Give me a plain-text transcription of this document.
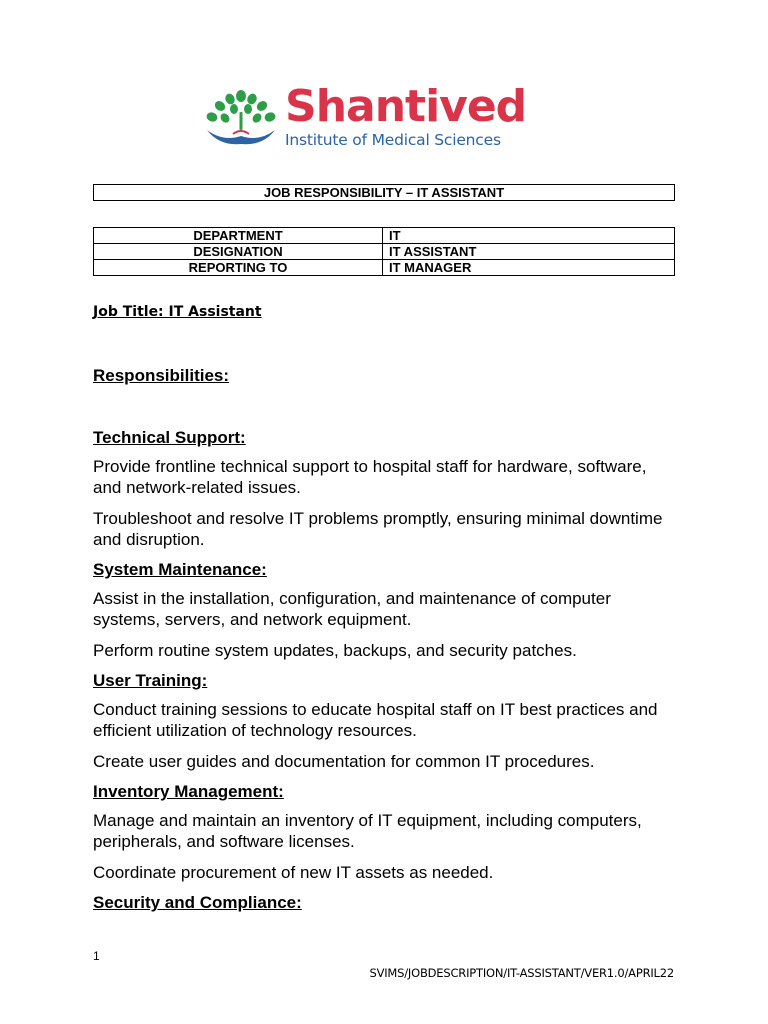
Shantived
Institute of Medical Sciences
JOB RESPONSIBILITY – IT ASSISTANT
DEPARTMENT	IT
DESIGNATION	IT ASSISTANT
REPORTING TO	IT MANAGER
Job Title: IT Assistant
Responsibilities:
Technical Support:
Provide frontline technical support to hospital staff for hardware, software, and network-related issues.
Troubleshoot and resolve IT problems promptly, ensuring minimal downtime and disruption.
System Maintenance:
Assist in the installation, configuration, and maintenance of computer systems, servers, and network equipment.
Perform routine system updates, backups, and security patches.
User Training:
Conduct training sessions to educate hospital staff on IT best practices and efficient utilization of technology resources.
Create user guides and documentation for common IT procedures.
Inventory Management:
Manage and maintain an inventory of IT equipment, including computers, peripherals, and software licenses.
Coordinate procurement of new IT assets as needed.
Security and Compliance:
1
SVIMS/JOBDESCRIPTION/IT-ASSISTANT/VER1.0/APRIL22
